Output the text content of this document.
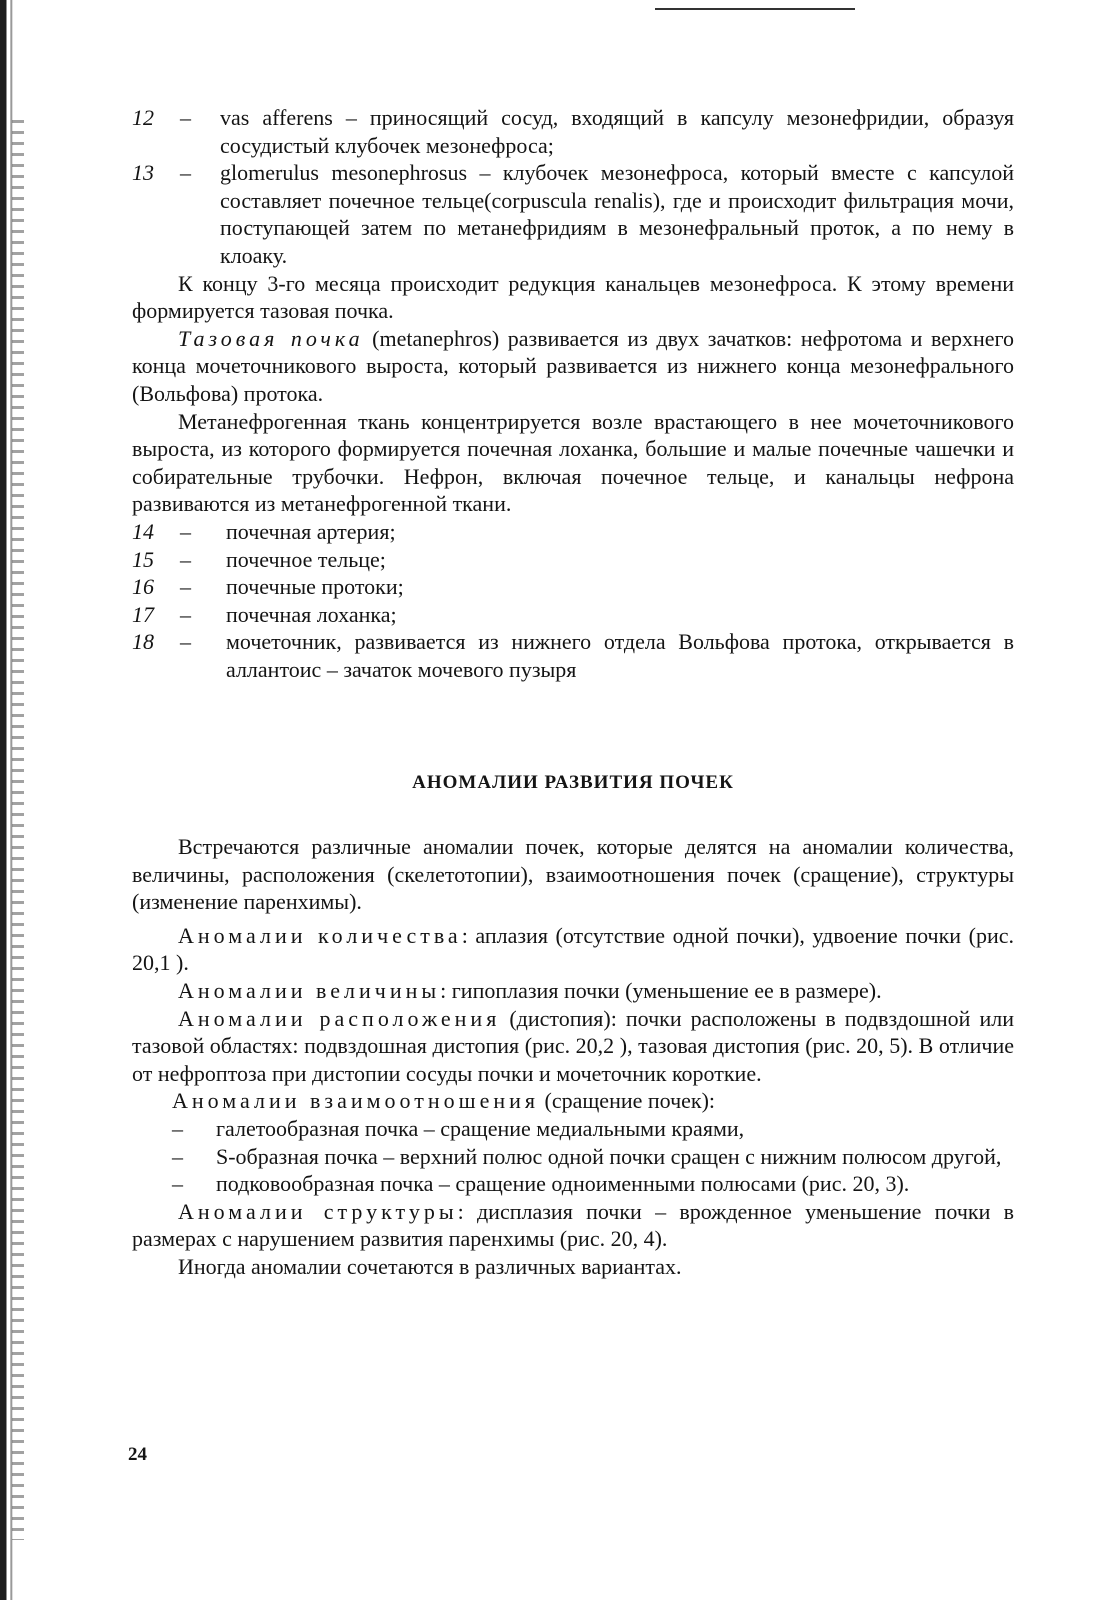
12	–	vas afferens – приносящий сосуд, входящий в капсулу мезонефридии, образуя сосудистый клубочек мезонефроса;
13	–	glomerulus mesonephrosus – клубочек мезонефроса, который вместе с капсулой составляет почечное тельце(corpuscula renalis), где и происходит фильтрация мочи, поступающей затем по метанефридиям в мезонефральный проток, а по нему в клоаку.

К концу 3-го месяца происходит редукция канальцев мезонефроса. К этому времени формируется тазовая почка.

Тазовая почка (metanephros) развивается из двух зачатков: нефротома и верхнего конца мочеточникового выроста, который развивается из нижнего конца мезонефрального (Вольфова) протока.

Метанефрогенная ткань концентрируется возле врастающего в нее мочеточникового выроста, из которого формируется почечная лоханка, большие и малые почечные чашечки и собирательные трубочки. Нефрон, включая почечное тельце, и канальцы нефрона развиваются из метанефрогенной ткани.

14	–	почечная артерия;
15	–	почечное тельце;
16	–	почечные протоки;
17	–	почечная лоханка;
18	–	мочеточник, развивается из нижнего отдела Вольфова протока, открывается в аллантоис – зачаток мочевого пузыря
АНОМАЛИИ РАЗВИТИЯ ПОЧЕК

Встречаются различные аномалии почек, которые делятся на аномалии количества, величины, расположения (скелетотопии), взаимоотношения почек (сращение), структуры (изменение паренхимы).

Аномалии количества: аплазия (отсутствие одной почки), удвоение почки (рис. 20,1 ).

Аномалии величины: гипоплазия почки (уменьшение ее в размере).

Аномалии расположения (дистопия): почки расположены в подвздошной или тазовой областях: подвздошная дистопия (рис. 20,2 ), тазовая дистопия (рис. 20, 5). В отличие от нефроптоза при дистопии сосуды почки и мочеточник короткие.

Аномалии взаимоотношения (сращение почек):

–	галетообразная почка – сращение медиальными краями,
–	S-образная почка – верхний полюс одной почки сращен с нижним полюсом другой,
–	подковообразная почка – сращение одноименными полюсами (рис. 20, 3).

Аномалии структуры: дисплазия почки – врожденное уменьшение почки в размерах с нарушением развития паренхимы (рис. 20, 4).

Иногда аномалии сочетаются в различных вариантах.

24
